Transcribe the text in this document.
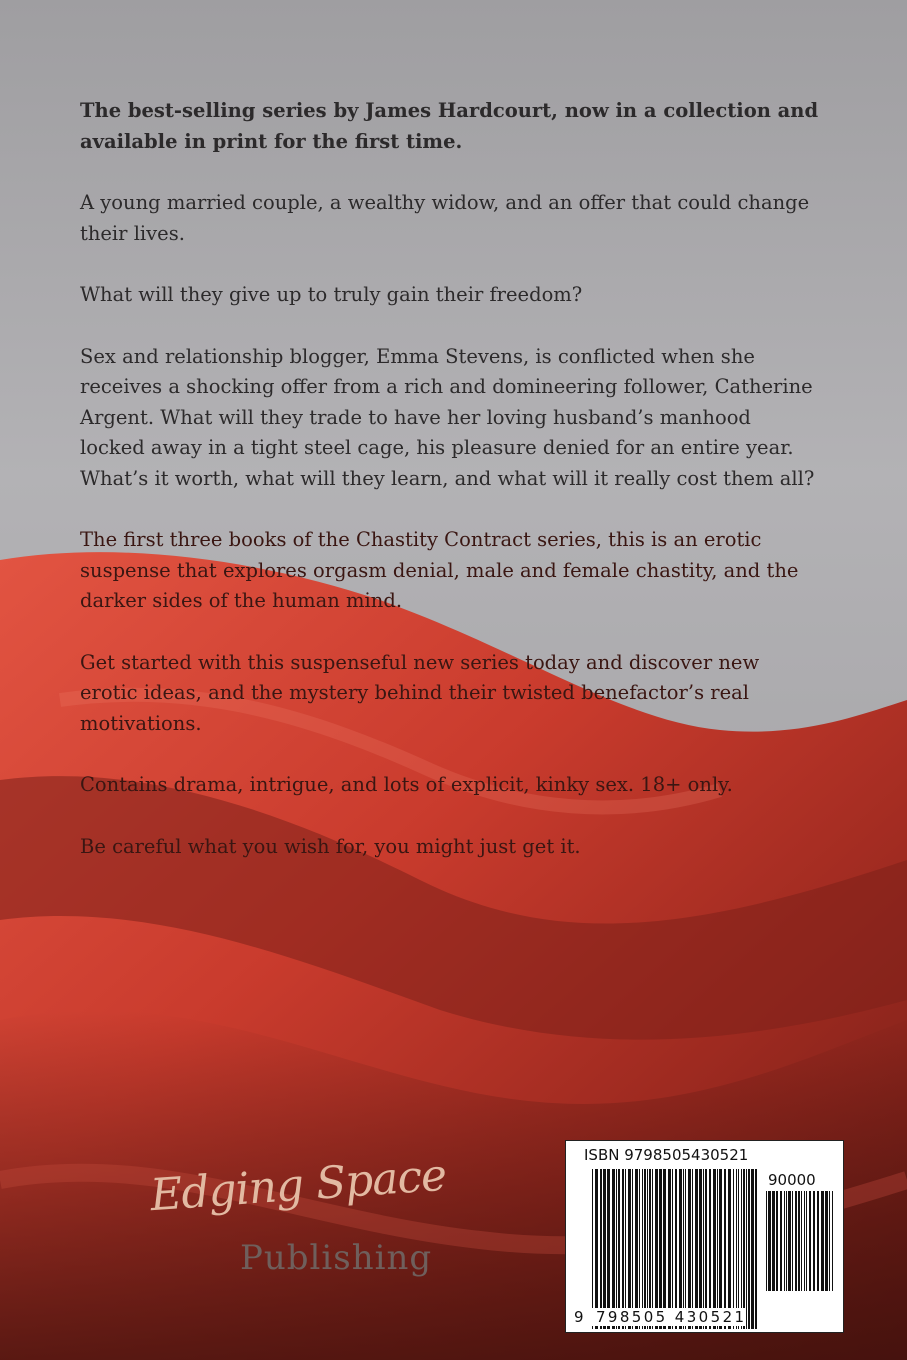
The best-selling series by James Hardcourt, now in a collection and available in print for the first time.

A young married couple, a wealthy widow, and an offer that could change their lives.

What will they give up to truly gain their freedom?

Sex and relationship blogger, Emma Stevens, is conflicted when she receives a shocking offer from a rich and domineering follower, Catherine Argent. What will they trade to have her loving husband’s manhood locked away in a tight steel cage, his pleasure denied for an entire year. What’s it worth, what will they learn, and what will it really cost them all?

The first three books of the Chastity Contract series, this is an erotic suspense that explores orgasm denial, male and female chastity, and the darker sides of the human mind.

Get started with this suspenseful new series today and discover new erotic ideas, and the mystery behind their twisted benefactor’s real motivations.

Contains drama, intrigue, and lots of explicit, kinky sex. 18+ only.

Be careful what you wish for, you might just get it.

Edging Space
Publishing
ISBN 9798505430521
90000
9 798505 430521
